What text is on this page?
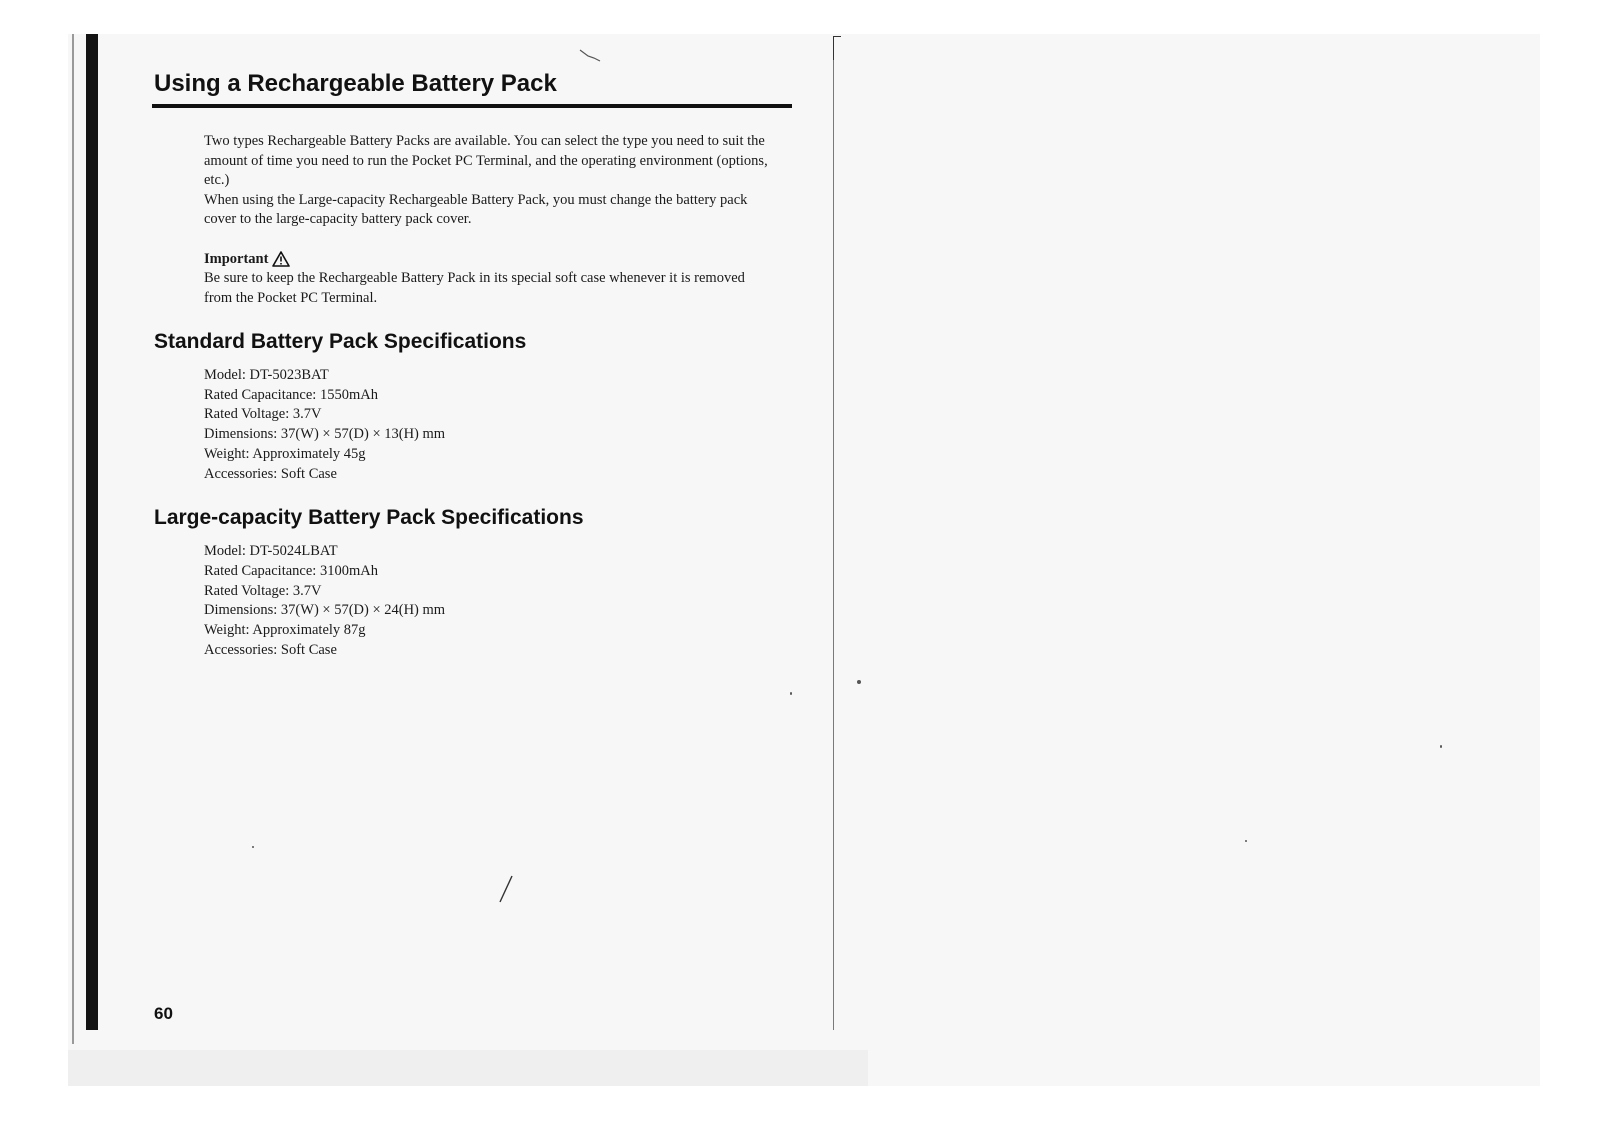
Using a Rechargeable Battery Pack

Two types Rechargeable Battery Packs are available. You can select the type you need to suit the amount of time you need to run the Pocket PC Terminal, and the operating environment (options, etc.)

When using the Large-capacity Rechargeable Battery Pack, you must change the battery pack cover to the large-capacity battery pack cover.

Important

Be sure to keep the Rechargeable Battery Pack in its special soft case whenever it is removed from the Pocket PC Terminal.

Standard Battery Pack Specifications
Model: DT-5023BAT
Rated Capacitance: 1550mAh
Rated Voltage: 3.7V
Dimensions: 37(W) × 57(D) × 13(H) mm
Weight: Approximately 45g
Accessories: Soft Case
Large-capacity Battery Pack Specifications
Model: DT-5024LBAT
Rated Capacitance: 3100mAh
Rated Voltage: 3.7V
Dimensions: 37(W) × 57(D) × 24(H) mm
Weight: Approximately 87g
Accessories: Soft Case
60
